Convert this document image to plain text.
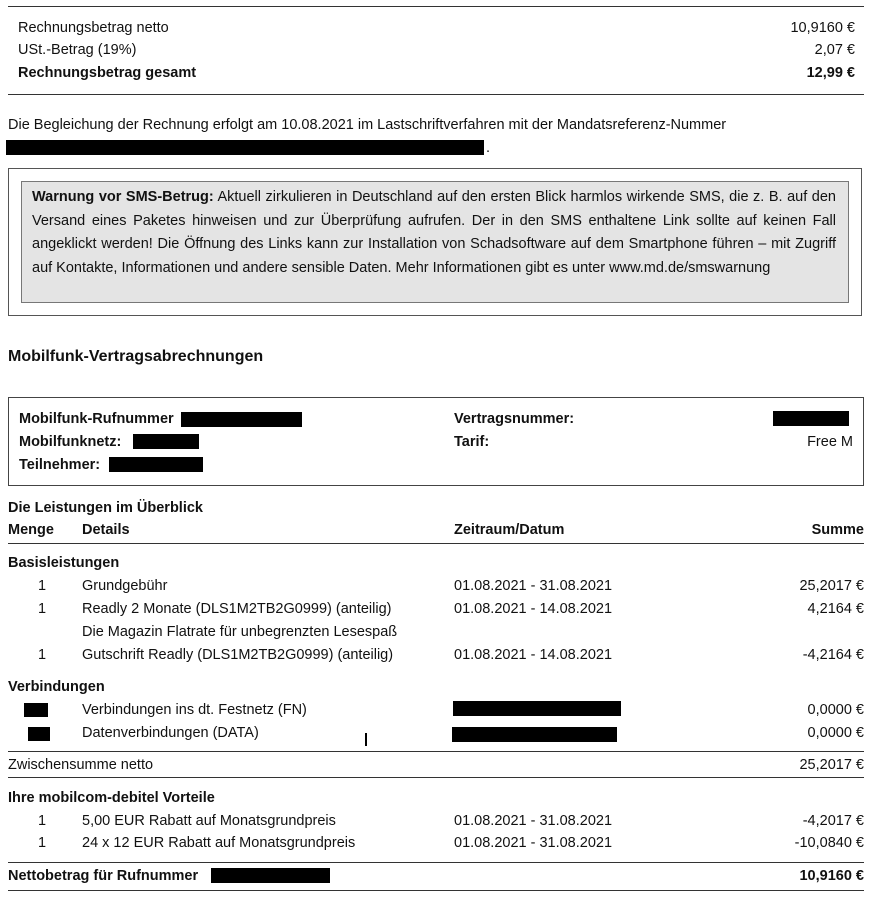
Rechnungsbetrag netto	10,9160 €
USt.-Betrag (19%)	2,07 €
Rechnungsbetrag gesamt	12,99 €
Die Begleichung der Rechnung erfolgt am 10.08.2021 im Lastschriftverfahren mit der Mandatsreferenz-Nummer
.
Warnung vor SMS-Betrug: Aktuell zirkulieren in Deutschland auf den ersten Blick harmlos wirkende SMS, die z. B. auf den Versand eines Paketes hinweisen und zur Überprüfung aufrufen. Der in den SMS enthaltene Link sollte auf keinen Fall angeklickt werden! Die Öffnung des Links kann zur Installation von Schadsoftware auf dem Smartphone führen – mit Zugriff auf Kontakte, Informationen und andere sensible Daten. Mehr Informationen gibt es unter www.md.de/smswarnung
Mobilfunk-Vertragsabrechnungen
Mobilfunk-Rufnummer
Mobilfunknetz:
Teilnehmer:
Vertragsnummer:
Tarif:	Free M
Die Leistungen im Überblick
Menge Details	Zeitraum/Datum	Summe
Basisleistungen
1 Grundgebühr	01.08.2021 - 31.08.2021	25,2017 €
1 Readly 2 Monate (DLS1M2TB2G0999) (anteilig)	01.08.2021 - 14.08.2021	4,2164 €
Die Magazin Flatrate für unbegrenzten Lesespaß
1 Gutschrift Readly (DLS1M2TB2G0999) (anteilig)	01.08.2021 - 14.08.2021	-4,2164 €
Verbindungen
Verbindungen ins dt. Festnetz (FN)	0,0000 €
Datenverbindungen (DATA)	0,0000 €
Zwischensumme netto	25,2017 €
Ihre mobilcom-debitel Vorteile
1 5,00 EUR Rabatt auf Monatsgrundpreis	01.08.2021 - 31.08.2021	-4,2017 €
1 24 x 12 EUR Rabatt auf Monatsgrundpreis	01.08.2021 - 31.08.2021	-10,0840 €
Nettobetrag für Rufnummer	10,9160 €
